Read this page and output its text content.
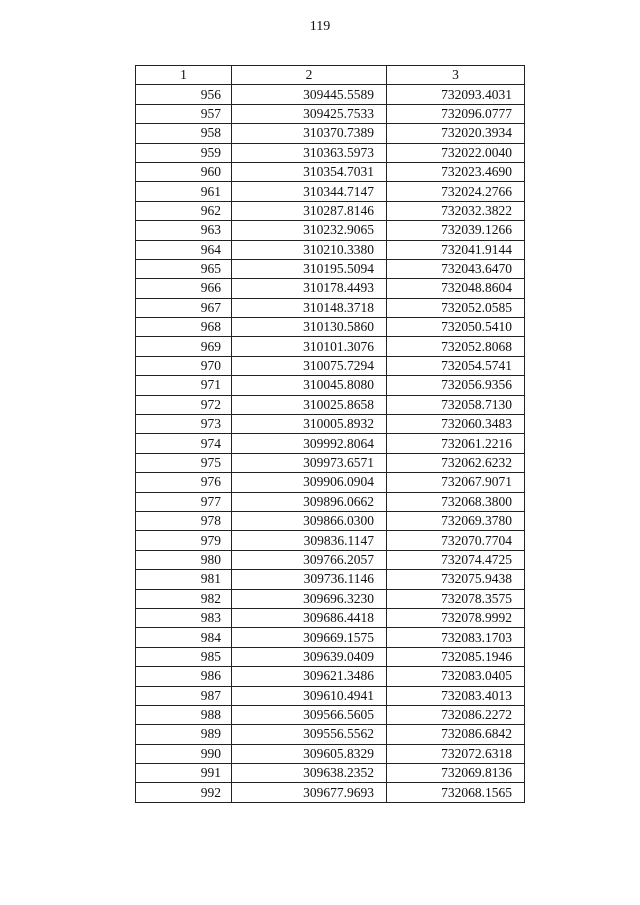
119
1	2	3
956	309445.5589	732093.4031
957	309425.7533	732096.0777
958	310370.7389	732020.3934
959	310363.5973	732022.0040
960	310354.7031	732023.4690
961	310344.7147	732024.2766
962	310287.8146	732032.3822
963	310232.9065	732039.1266
964	310210.3380	732041.9144
965	310195.5094	732043.6470
966	310178.4493	732048.8604
967	310148.3718	732052.0585
968	310130.5860	732050.5410
969	310101.3076	732052.8068
970	310075.7294	732054.5741
971	310045.8080	732056.9356
972	310025.8658	732058.7130
973	310005.8932	732060.3483
974	309992.8064	732061.2216
975	309973.6571	732062.6232
976	309906.0904	732067.9071
977	309896.0662	732068.3800
978	309866.0300	732069.3780
979	309836.1147	732070.7704
980	309766.2057	732074.4725
981	309736.1146	732075.9438
982	309696.3230	732078.3575
983	309686.4418	732078.9992
984	309669.1575	732083.1703
985	309639.0409	732085.1946
986	309621.3486	732083.0405
987	309610.4941	732083.4013
988	309566.5605	732086.2272
989	309556.5562	732086.6842
990	309605.8329	732072.6318
991	309638.2352	732069.8136
992	309677.9693	732068.1565
